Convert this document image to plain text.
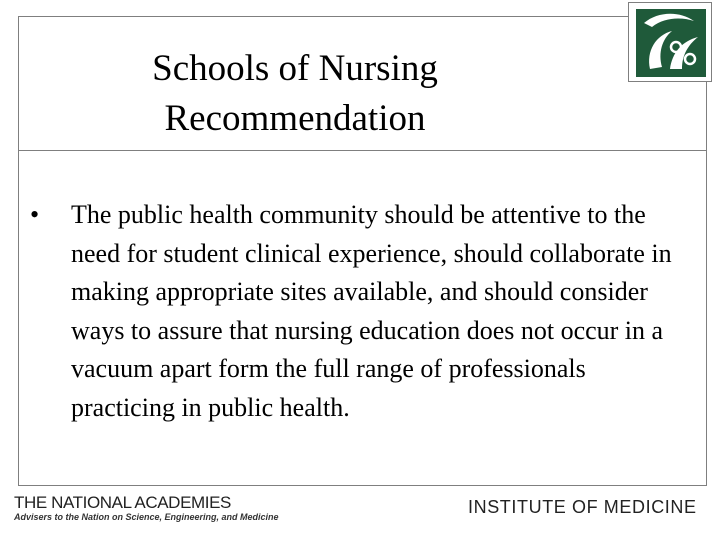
Schools of Nursing
Recommendation
• The public health community should be attentive to the need for student clinical experience, should collaborate in making appropriate sites available, and should consider ways to assure that nursing education does not occur in a vacuum apart form the full range of professionals practicing in public health.
THE NATIONAL ACADEMIES
Advisers to the Nation on Science, Engineering, and Medicine	INSTITUTE OF MEDICINE
